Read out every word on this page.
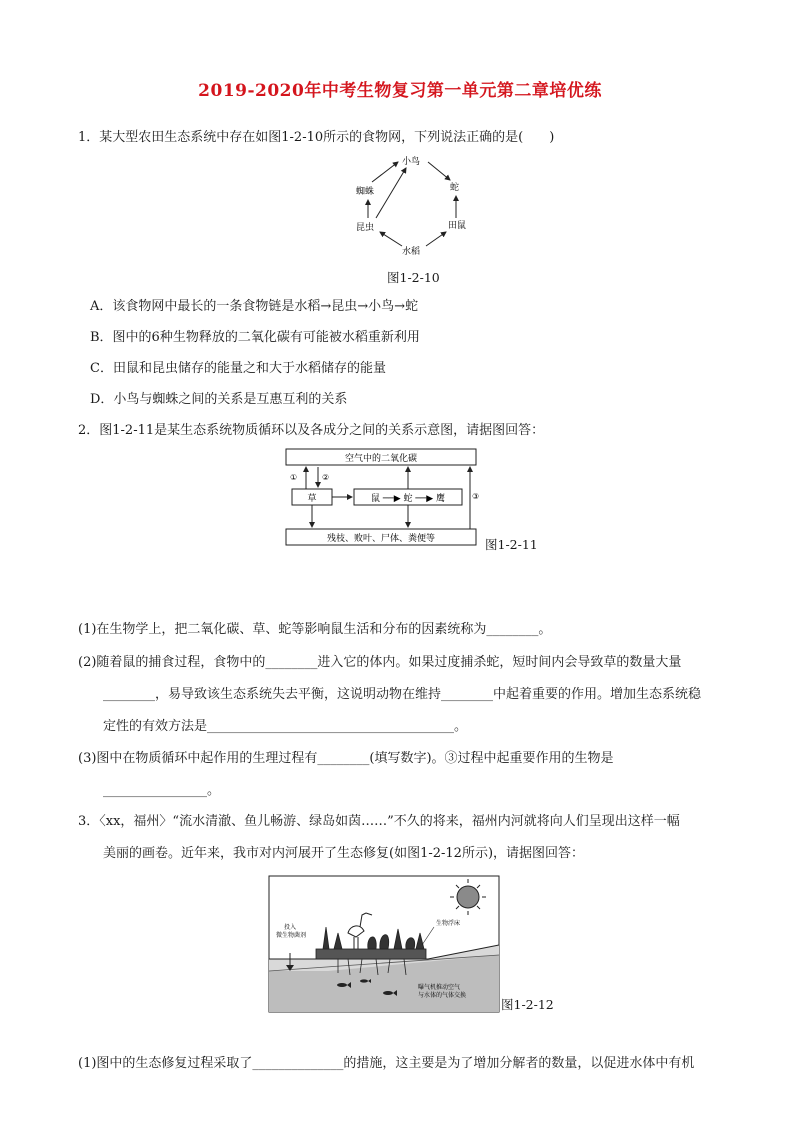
2019-2020年中考生物复习第一单元第二章培优练
1．某大型农田生态系统中存在如图1-2-10所示的食物网，下列说法正确的是(　　)
小鸟
蜘蛛	蛇
昆虫	田鼠
水稻
图1-2-10
A．该食物网中最长的一条食物链是水稻→昆虫→小鸟→蛇
B．图中的6种生物释放的二氧化碳有可能被水稻重新利用
C．田鼠和昆虫储存的能量之和大于水稻储存的能量
D．小鸟与蜘蛛之间的关系是互惠互利的关系
2．图1-2-11是某生态系统物质循环以及各成分之间的关系示意图，请据图回答：
空气中的二氧化碳
草	鼠 ──▶ 蛇 ──▶ 鹰
残枝、败叶、尸体、粪便等
①	②
③
图1-2-11
(1)在生物学上，把二氧化碳、草、蛇等影响鼠生活和分布的因素统称为________。
(2)随着鼠的捕食过程，食物中的________进入它的体内。如果过度捕杀蛇，短时间内会导致草的数量大量
________，易导致该生态系统失去平衡，这说明动物在维持________中起着重要的作用。增加生态系统稳
定性的有效方法是______________________________________。
(3)图中在物质循环中起作用的生理过程有________(填写数字)。③过程中起重要作用的生物是
________________。
3．〈xx，福州〉“流水清澈、鱼儿畅游、绿岛如茵……”不久的将来，福州内河就将向人们呈现出这样一幅
美丽的画卷。近年来，我市对内河展开了生态修复(如图1-2-12所示)，请据图回答：
投入
微生物菌剂
生物浮床
曝气机推动空气
与水体的气体交换
图1-2-12
(1)图中的生态修复过程采取了______________的措施，这主要是为了增加分解者的数量，以促进水体中有机
